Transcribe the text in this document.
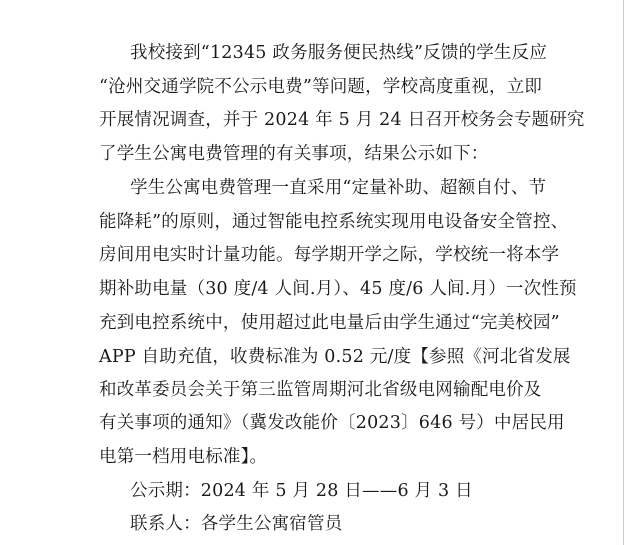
我校接到“12345 政务服务便民热线”反馈的学生反应
“沧州交通学院不公示电费”等问题，学校高度重视，立即
开展情况调查，并于 2024 年 5 月 24 日召开校务会专题研究
了学生公寓电费管理的有关事项，结果公示如下：
学生公寓电费管理一直采用“定量补助、超额自付、节
能降耗”的原则，通过智能电控系统实现用电设备安全管控、
房间用电实时计量功能。每学期开学之际，学校统一将本学
期补助电量（30 度/4 人间.月）、45 度/6 人间.月）一次性预
充到电控系统中，使用超过此电量后由学生通过“完美校园”
APP 自助充值，收费标准为 0.52 元/度【参照《河北省发展
和改革委员会关于第三监管周期河北省级电网输配电价及
有关事项的通知》（冀发改能价〔2023〕646 号）中居民用
电第一档用电标准】。
公示期：2024 年 5 月 28 日——6 月 3 日
联系人：各学生公寓宿管员
